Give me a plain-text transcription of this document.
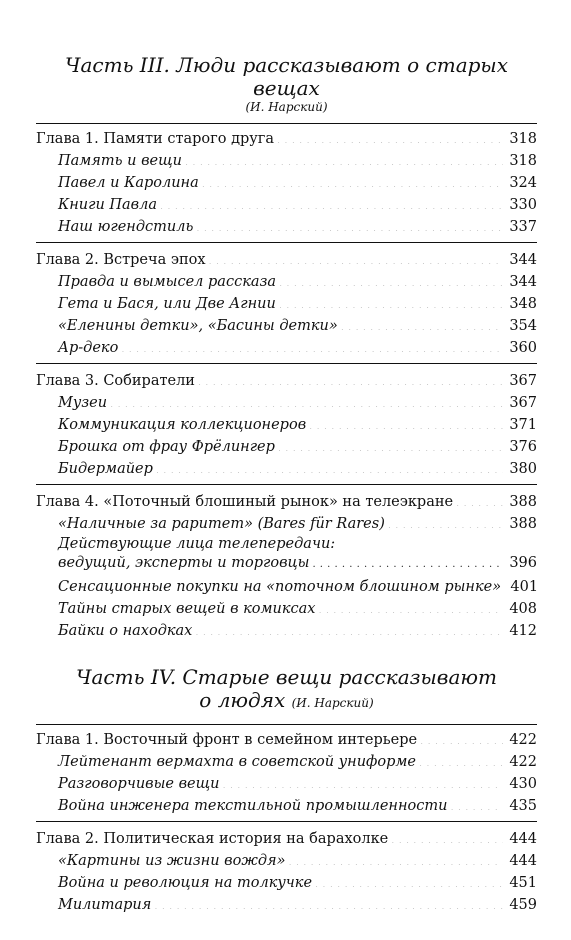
Часть III. Люди рассказывают о старых вещах
(И. Нарский)
Глава 1. Памяти старого друга . . .	318
Память и вещи . . .	318
Павел и Каролина . . .	324
Книги Павла . . .	330
Наш югендстиль . . .	337
Глава 2. Встреча эпох . . .	344
Правда и вымысел рассказа . . .	344
Гета и Бася, или Две Агнии . . .	348
«Еленины детки», «Басины детки» . . .	354
Ар-деко . . .	360
Глава 3. Собиратели . . .	367
Музеи . . .	367
Коммуникация коллекционеров . . .	371
Брошка от фрау Фрёлингер . . .	376
Бидермайер . . .	380
Глава 4. «Поточный блошиный рынок» на телеэкране . . .	388
«Наличные за раритет» (Bares für Rares) . . .	388
Действующие лица телепередачи:
ведущий, эксперты и торговцы . . .	396
Сенсационные покупки на «поточном блошином рынке» 401
Тайны старых вещей в комиксах . . .	408
Байки о находках . . .	412
Часть IV. Старые вещи рассказывают
о людях (И. Нарский)
Глава 1. Восточный фронт в семейном интерьере . . .	422
Лейтенант вермахта в советской униформе . . .	422
Разговорчивые вещи . . .	430
Война инженера текстильной промышленности . . .	435
Глава 2. Политическая история на барахолке . . .	444
«Картины из жизни вождя» . . .	444
Война и революция на толкучке . . .	451
Милитария . . .	459
